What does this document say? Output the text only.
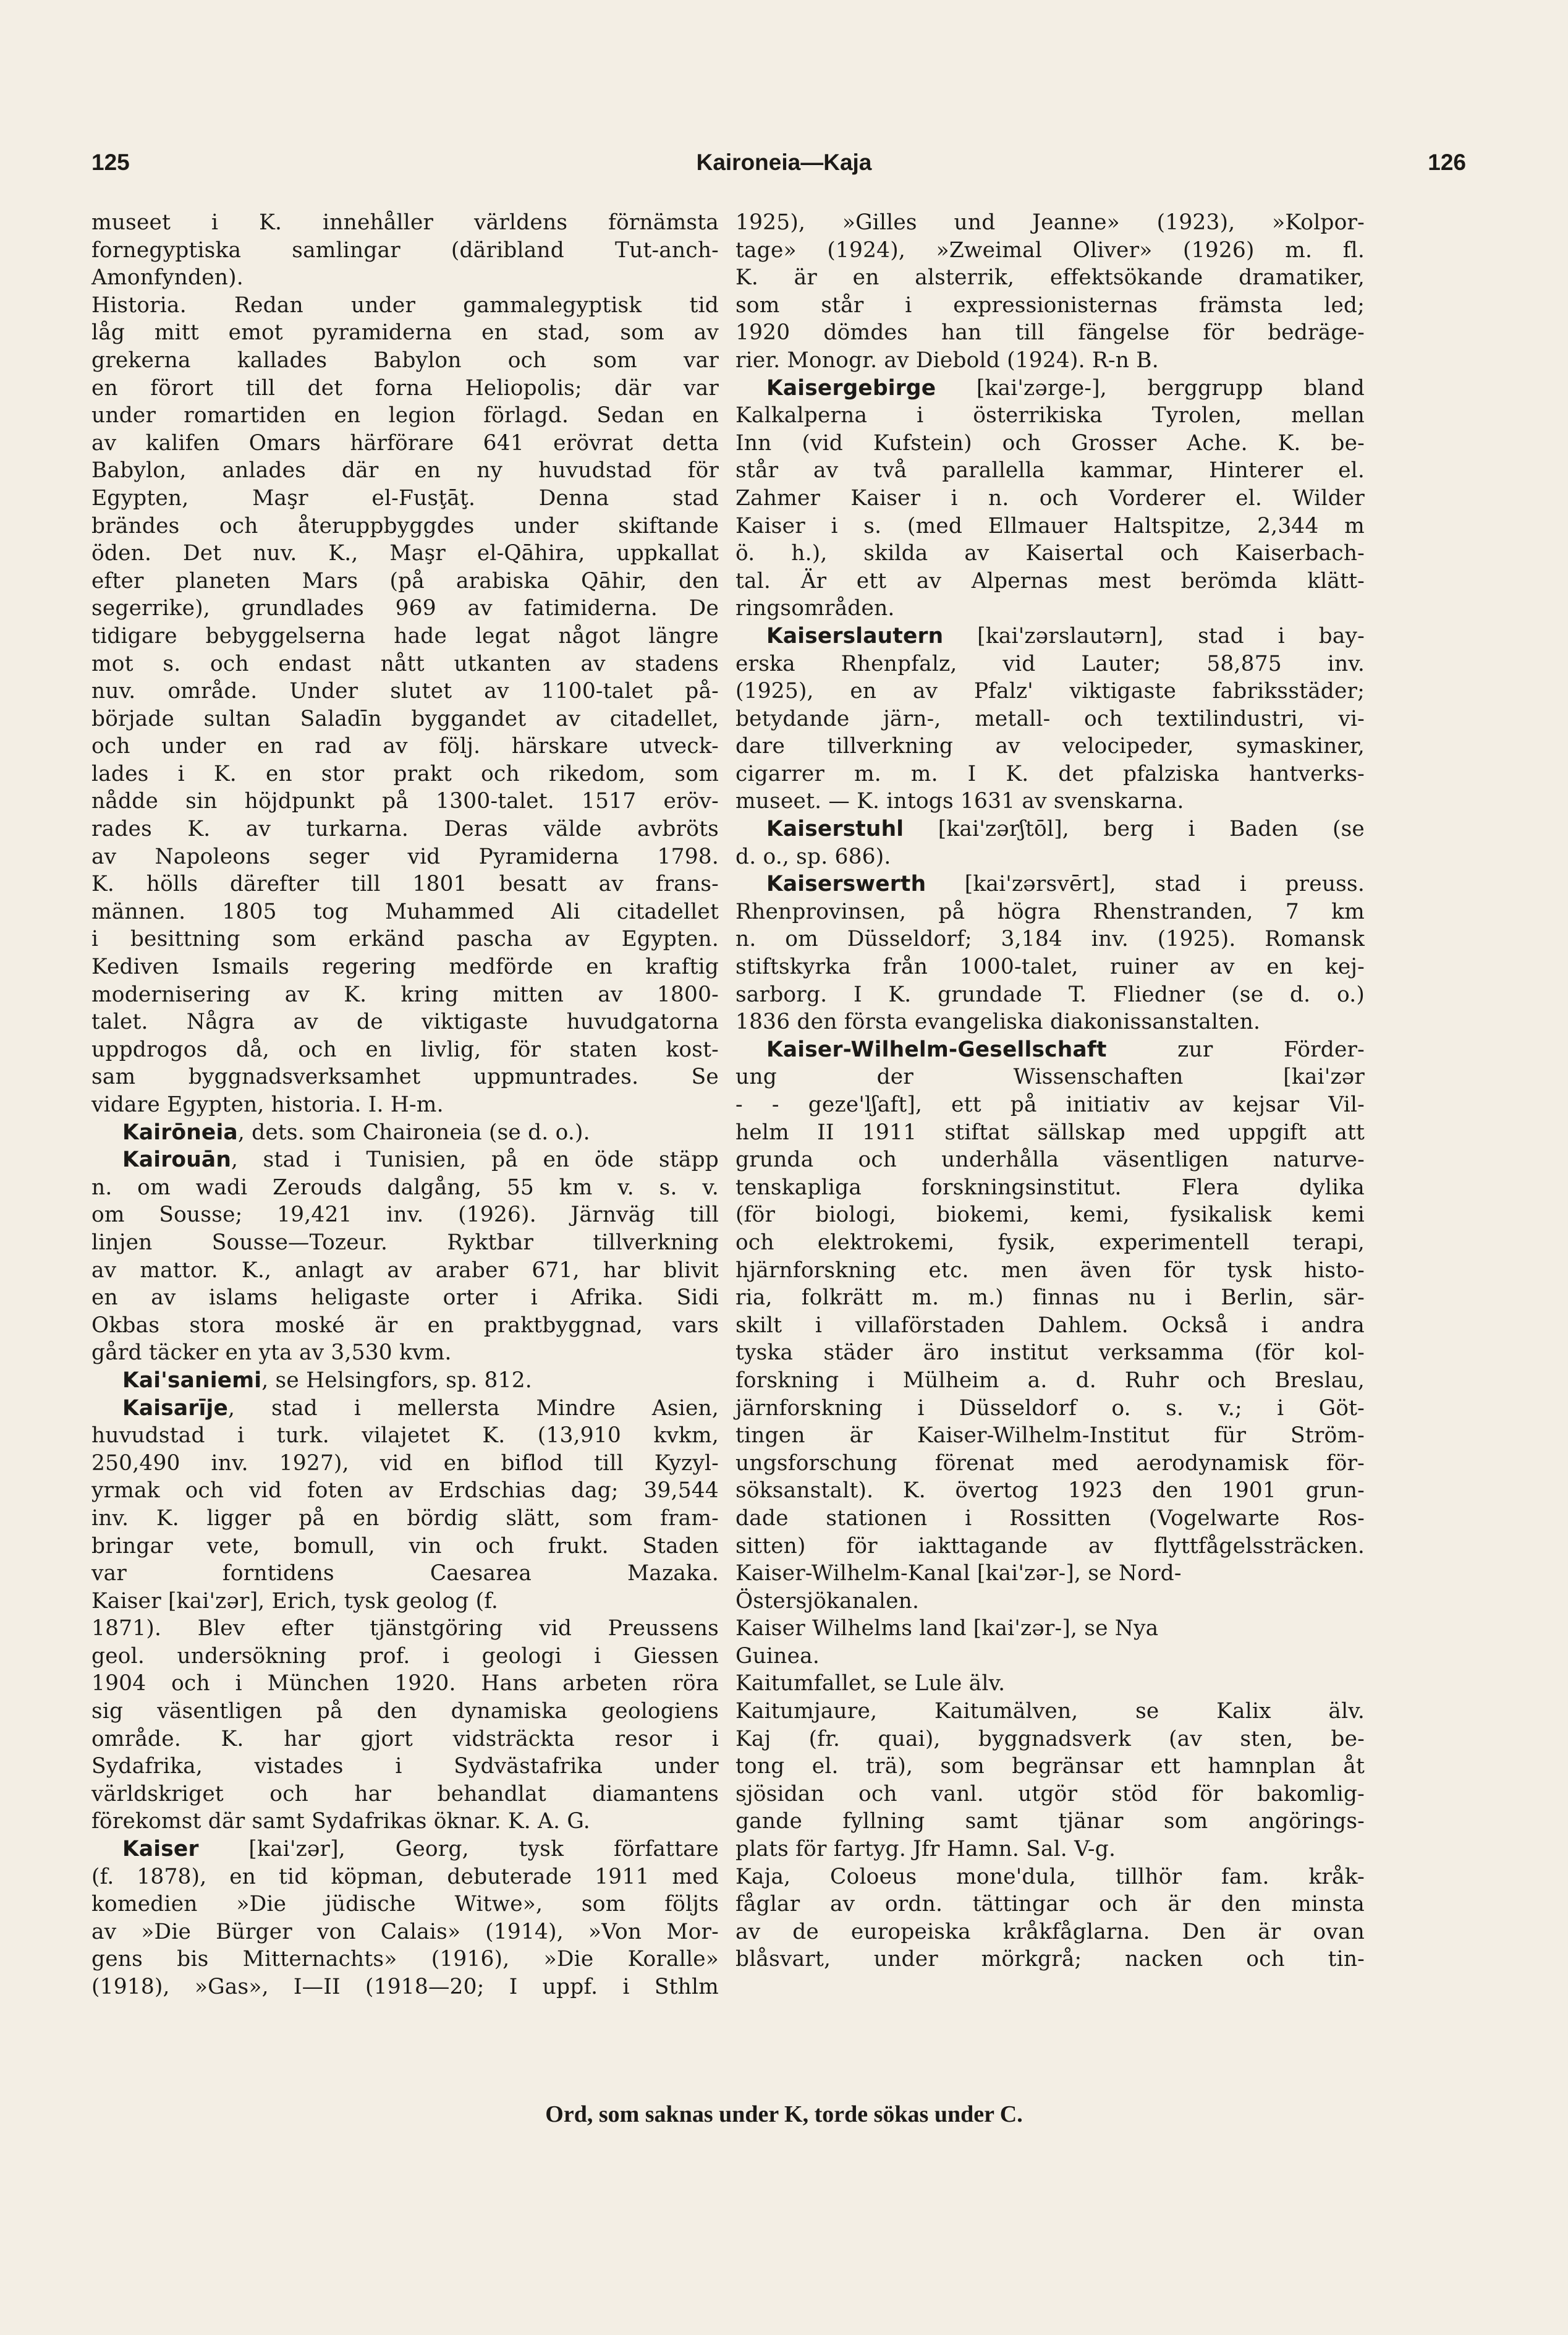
125	Kaironeia—Kaja	126
museet i K. innehåller världens förnämsta
fornegyptiska samlingar (däribland Tut-anch-
Amonfynden).
Historia. Redan under gammalegyptisk tid
låg mitt emot pyramiderna en stad, som av
grekerna kallades Babylon och som var
en förort till det forna Heliopolis; där var
under romartiden en legion förlagd. Sedan en
av kalifen Omars härförare 641 erövrat detta
Babylon, anlades där en ny huvudstad för
Egypten, Maşr el-Fusţāţ. Denna stad
brändes och återuppbyggdes under skiftande
öden. Det nuv. K., Maşr el-Qāhira, uppkallat
efter planeten Mars (på arabiska Qāhir, den
segerrike), grundlades 969 av fatimiderna. De
tidigare bebyggelserna hade legat något längre
mot s. och endast nått utkanten av stadens
nuv. område. Under slutet av 1100-talet på-
började sultan Saladīn byggandet av citadellet,
och under en rad av följ. härskare utveck-
lades i K. en stor prakt och rikedom, som
nådde sin höjdpunkt på 1300-talet. 1517 eröv-
rades K. av turkarna. Deras välde avbröts
av Napoleons seger vid Pyramiderna 1798.
K. hölls därefter till 1801 besatt av frans-
männen. 1805 tog Muhammed Ali citadellet
i besittning som erkänd pascha av Egypten.
Kediven Ismails regering medförde en kraftig
modernisering av K. kring mitten av 1800-
talet. Några av de viktigaste huvudgatorna
uppdrogos då, och en livlig, för staten kost-
sam byggnadsverksamhet uppmuntrades. Se
vidare Egypten, historia. I. H-m.
Kairōneia, dets. som Chaironeia (se d. o.).
Kairouān, stad i Tunisien, på en öde stäpp
n. om wadi Zerouds dalgång, 55 km v. s. v.
om Sousse; 19,421 inv. (1926). Järnväg till
linjen Sousse—Tozeur. Ryktbar tillverkning
av mattor. K., anlagt av araber 671, har blivit
en av islams heligaste orter i Afrika. Sidi
Okbas stora moské är en praktbyggnad, vars
gård täcker en yta av 3,530 kvm.
Kai'saniemi, se Helsingfors, sp. 812.
Kaisarīje, stad i mellersta Mindre Asien,
huvudstad i turk. vilajetet K. (13,910 kvkm,
250,490 inv. 1927), vid en biflod till Kyzyl-
yrmak och vid foten av Erdschias dag; 39,544
inv. K. ligger på en bördig slätt, som fram-
bringar vete, bomull, vin och frukt. Staden
var forntidens Caesarea Mazaka.
Kaiser [kai'zər], Erich, tysk geolog (f.
1871). Blev efter tjänstgöring vid Preussens
geol. undersökning prof. i geologi i Giessen
1904 och i München 1920. Hans arbeten röra
sig väsentligen på den dynamiska geologiens
område. K. har gjort vidsträckta resor i
Sydafrika, vistades i Sydvästafrika under
världskriget och har behandlat diamantens
förekomst där samt Sydafrikas öknar. K. A. G.
Kaiser [kai'zər], Georg, tysk författare
(f. 1878), en tid köpman, debuterade 1911 med
komedien »Die jüdische Witwe», som följts
av »Die Bürger von Calais» (1914), »Von Mor-
gens bis Mitternachts» (1916), »Die Koralle»
(1918), »Gas», I—II (1918—20; I uppf. i Sthlm
1925), »Gilles und Jeanne» (1923), »Kolpor-
tage» (1924), »Zweimal Oliver» (1926) m. fl.
K. är en alsterrik, effektsökande dramatiker,
som står i expressionisternas främsta led;
1920 dömdes han till fängelse för bedräge-
rier. Monogr. av Diebold (1924). R-n B.
Kaisergebirge [kai'zərge-], berggrupp bland
Kalkalperna i österrikiska Tyrolen, mellan
Inn (vid Kufstein) och Grosser Ache. K. be-
står av två parallella kammar, Hinterer el.
Zahmer Kaiser i n. och Vorderer el. Wilder
Kaiser i s. (med Ellmauer Haltspitze, 2,344 m
ö. h.), skilda av Kaisertal och Kaiserbach-
tal. Är ett av Alpernas mest berömda klätt-
ringsområden.
Kaiserslautern [kai'zərslautərn], stad i bay-
erska Rhenpfalz, vid Lauter; 58,875 inv.
(1925), en av Pfalz' viktigaste fabriksstäder;
betydande järn-, metall- och textilindustri, vi-
dare tillverkning av velocipeder, symaskiner,
cigarrer m. m. I K. det pfalziska hantverks-
museet. — K. intogs 1631 av svenskarna.
Kaiserstuhl [kai'zərʃtōl], berg i Baden (se
d. o., sp. 686).
Kaiserswerth [kai'zərsvērt], stad i preuss.
Rhenprovinsen, på högra Rhenstranden, 7 km
n. om Düsseldorf; 3,184 inv. (1925). Romansk
stiftskyrka från 1000-talet, ruiner av en kej-
sarborg. I K. grundade T. Fliedner (se d. o.)
1836 den första evangeliska diakonissanstalten.
Kaiser-Wilhelm-Gesellschaft zur Förder-
ung der Wissenschaften [kai'zər
- - geze'lʃaft], ett på initiativ av kejsar Vil-
helm II 1911 stiftat sällskap med uppgift att
grunda och underhålla väsentligen naturve-
tenskapliga forskningsinstitut. Flera dylika
(för biologi, biokemi, kemi, fysikalisk kemi
och elektrokemi, fysik, experimentell terapi,
hjärnforskning etc. men även för tysk histo-
ria, folkrätt m. m.) finnas nu i Berlin, sär-
skilt i villaförstaden Dahlem. Också i andra
tyska städer äro institut verksamma (för kol-
forskning i Mülheim a. d. Ruhr och Breslau,
järnforskning i Düsseldorf o. s. v.; i Göt-
tingen är Kaiser-Wilhelm-Institut für Ström-
ungsforschung förenat med aerodynamisk för-
söksanstalt). K. övertog 1923 den 1901 grun-
dade stationen i Rossitten (Vogelwarte Ros-
sitten) för iakttagande av flyttfågelssträcken.
Kaiser-Wilhelm-Kanal [kai'zər-], se Nord-
Östersjökanalen.
Kaiser Wilhelms land [kai'zər-], se Nya
Guinea.
Kaitumfallet, se Lule älv.
Kaitumjaure, Kaitumälven, se Kalix älv.
Kaj (fr. quai), byggnadsverk (av sten, be-
tong el. trä), som begränsar ett hamnplan åt
sjösidan och vanl. utgör stöd för bakomlig-
gande fyllning samt tjänar som angörings-
plats för fartyg. Jfr Hamn. Sal. V-g.
Kaja, Coloeus mone'dula, tillhör fam. kråk-
fåglar av ordn. tättingar och är den minsta
av de europeiska kråkfåglarna. Den är ovan
blåsvart, under mörkgrå; nacken och tin-
Ord, som saknas under K, torde sökas under C.
